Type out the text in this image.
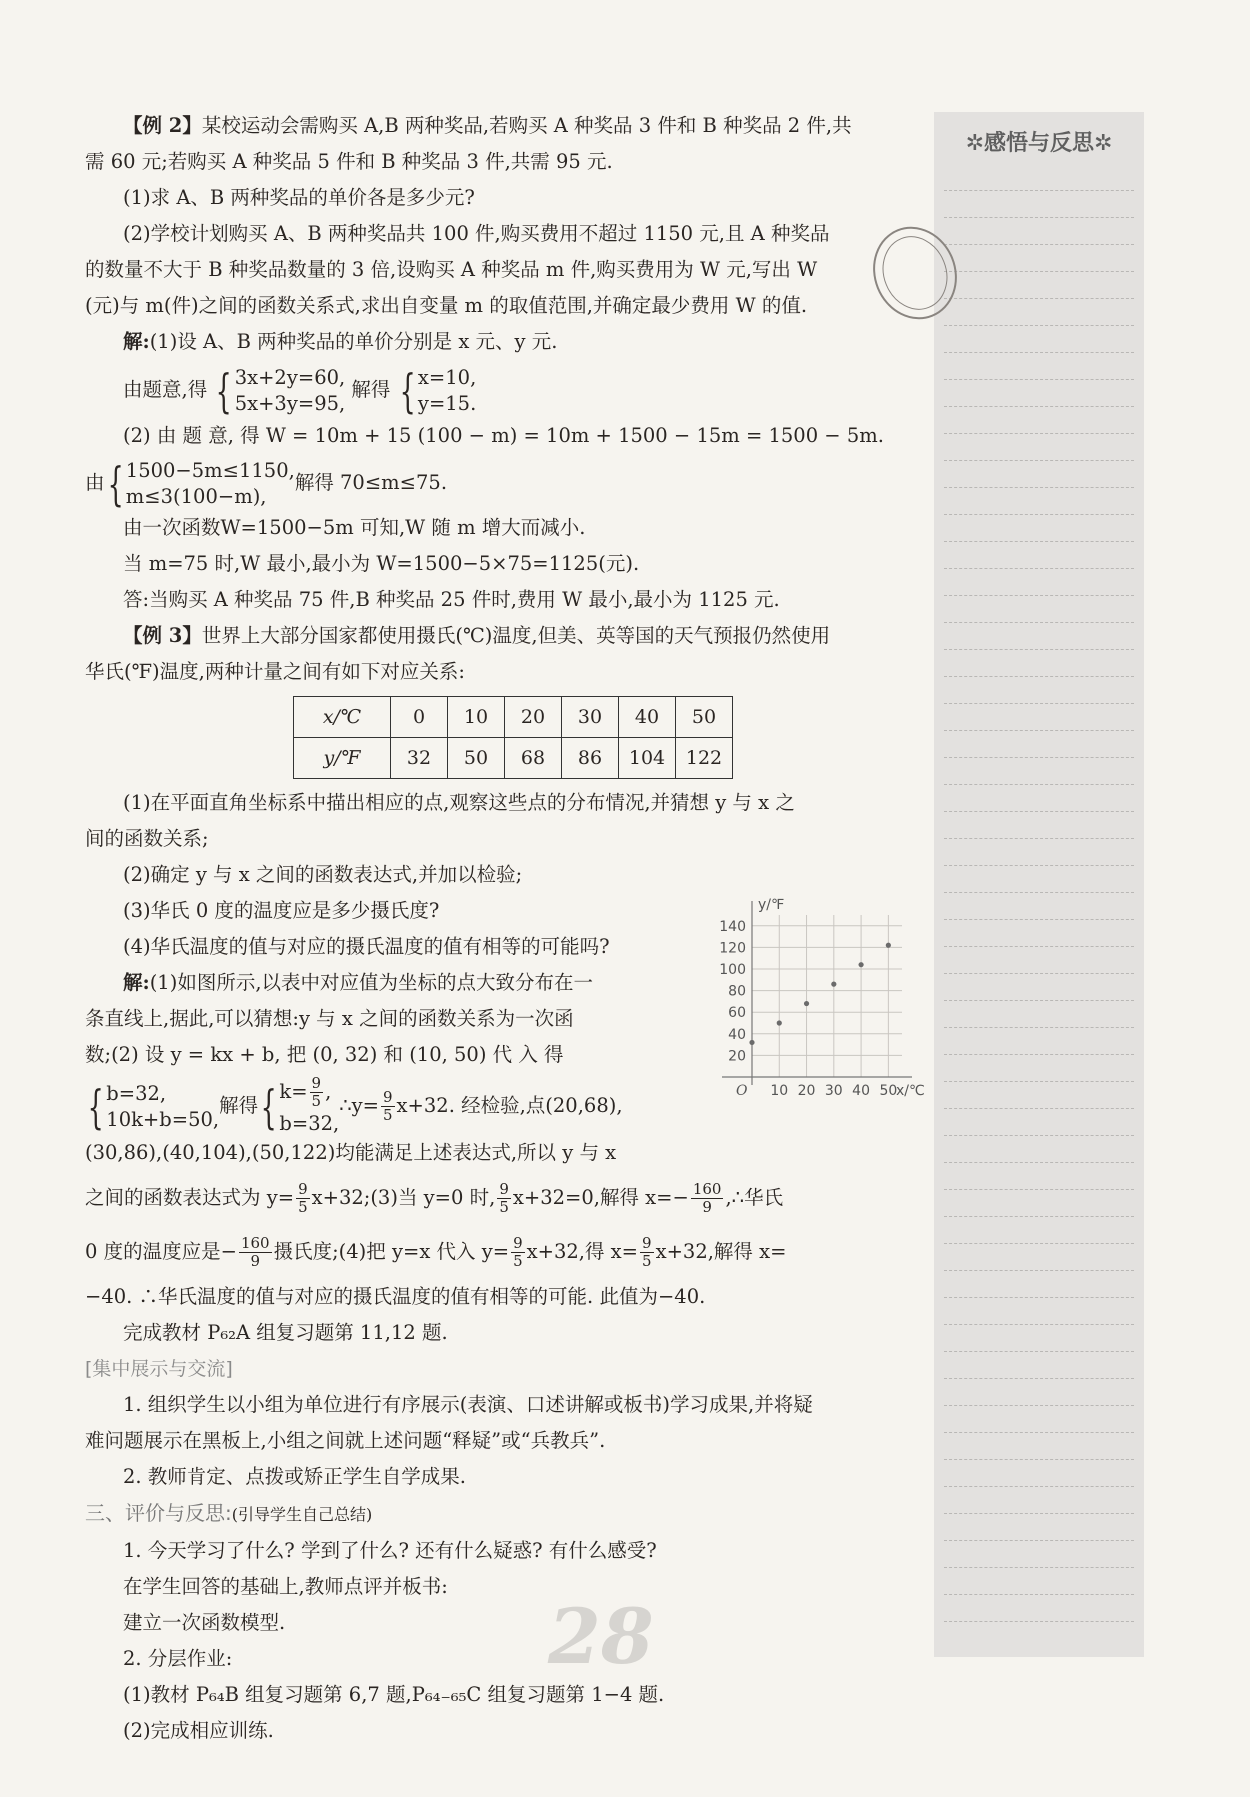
✲感悟与反思✲
【例 2】某校运动会需购买 A,B 两种奖品,若购买 A 种奖品 3 件和 B 种奖品 2 件,共
需 60 元;若购买 A 种奖品 5 件和 B 种奖品 3 件,共需 95 元.
(1)求 A、B 两种奖品的单价各是多少元?
(2)学校计划购买 A、B 两种奖品共 100 件,购买费用不超过 1150 元,且 A 种奖品
的数量不大于 B 种奖品数量的 3 倍,设购买 A 种奖品 m 件,购买费用为 W 元,写出 W
(元)与 m(件)之间的函数关系式,求出自变量 m 的取值范围,并确定最少费用 W 的值.
解:(1)设 A、B 两种奖品的单价分别是 x 元、y 元.
由题意,得 { 3x+2y=60,
5x+3y=95,
解得 { x=10,
y=15.
(2) 由 题 意, 得 W = 10m + 15 (100 − m) = 10m + 1500 − 15m = 1500 − 5m.
由 { 1500−5m≤1150,
m≤3(100−m),
解得 70≤m≤75.
由一次函数W=1500−5m 可知,W 随 m 增大而减小.
当 m=75 时,W 最小,最小为 W=1500−5×75=1125(元).
答:当购买 A 种奖品 75 件,B 种奖品 25 件时,费用 W 最小,最小为 1125 元.
【例 3】世界上大部分国家都使用摄氏(℃)温度,但美、英等国的天气预报仍然使用
华氏(℉)温度,两种计量之间有如下对应关系:
x/℃	0	10	20	30	40	50
y/℉	32	50	68	86	104	122
(1)在平面直角坐标系中描出相应的点,观察这些点的分布情况,并猜想 y 与 x 之
间的函数关系;
(2)确定 y 与 x 之间的函数表达式,并加以检验;
(3)华氏 0 度的温度应是多少摄氏度?
(4)华氏温度的值与对应的摄氏温度的值有相等的可能吗?
解:(1)如图所示,以表中对应值为坐标的点大致分布在一
条直线上,据此,可以猜想:y 与 x 之间的函数关系为一次函
数;(2) 设 y = kx + b, 把 (0, 32) 和 (10, 50) 代 入 得
{ b=32,
10k+b=50,
解得 { $k= \frac{9}{5}$ ,
b=32,
∴y= $\frac{9}{5} x+32$. 经检验,点(20,68),
(30,86),(40,104),(50,122)均能满足上述表达式,所以 y 与 x
之间的函数表达式为 $y= \frac{9}{5}$ x+32;(3)当 y=0 时, $\frac{9}{5} x+32=0$,解得 $x=- \frac{160}{9}$ ,∴华氏
0 度的温度应是− $\frac{160}{9}$ 摄氏度;(4)把 y=x 代入 $y= \frac{9}{5} x+32$,得 $x= \frac{9}{5} x+32$,解得 x=
−40. ∴华氏温度的值与对应的摄氏温度的值有相等的可能. 此值为−40.
完成教材 P₆₂A 组复习题第 11,12 题.
[集中展示与交流]
1. 组织学生以小组为单位进行有序展示(表演、口述讲解或板书)学习成果,并将疑
难问题展示在黑板上,小组之间就上述问题“释疑”或“兵教兵”.
2. 教师肯定、点拨或矫正学生自学成果.
三、评价与反思:(引导学生自己总结)
1. 今天学习了什么? 学到了什么? 还有什么疑惑? 有什么感受?
在学生回答的基础上,教师点评并板书:
建立一次函数模型.
2. 分层作业:
(1)教材 P₆₄B 组复习题第 6,7 题,P₆₄₋₆₅C 组复习题第 1−4 题.
(2)完成相应训练.
20
40
60
80
100
120
140
10 20 30 40 50
O	x/℃
y/℉
28
